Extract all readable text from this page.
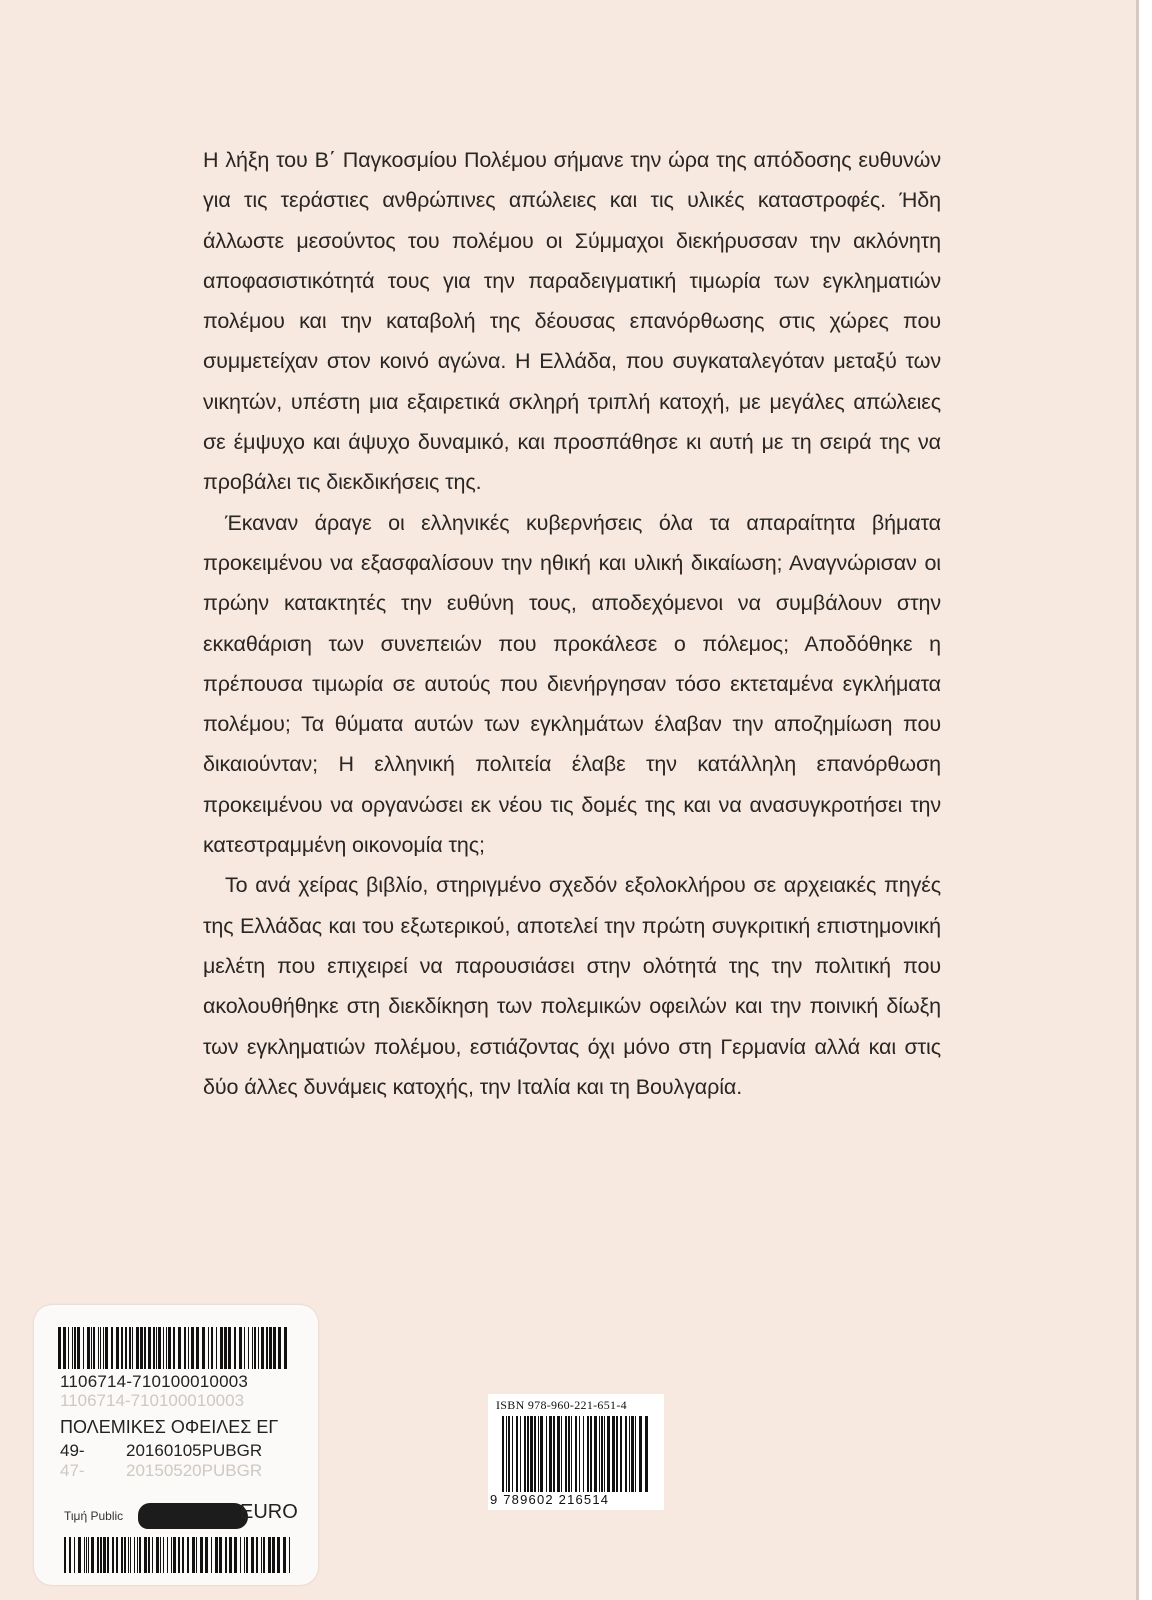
Η λήξη του Β΄ Παγκοσμίου Πολέμου σήμανε την ώρα της απόδοσης ευθυνών για τις τεράστιες ανθρώπινες απώλειες και τις υλικές καταστροφές. Ήδη άλλωστε μεσούντος του πολέμου οι Σύμμαχοι διεκήρυσσαν την ακλόνητη αποφασιστικότητά τους για την παραδειγματική τιμωρία των εγκληματιών πολέμου και την καταβολή της δέουσας επανόρθωσης στις χώρες που συμμετείχαν στον κοινό αγώνα. Η Ελλάδα, που συγκαταλεγόταν μεταξύ των νικητών, υπέστη μια εξαιρετικά σκληρή τριπλή κατοχή, με μεγάλες απώλειες σε έμψυχο και άψυχο δυναμικό, και προσπάθησε κι αυτή με τη σειρά της να προβάλει τις διεκδικήσεις της.

Έκαναν άραγε οι ελληνικές κυβερνήσεις όλα τα απαραίτητα βήματα προκειμένου να εξασφαλίσουν την ηθική και υλική δικαίωση; Αναγνώρισαν οι πρώην κατακτητές την ευθύνη τους, αποδεχόμενοι να συμβάλουν στην εκκαθάριση των συνεπειών που προκάλεσε ο πόλεμος; Αποδόθηκε η πρέπουσα τιμωρία σε αυτούς που διενήργησαν τόσο εκτεταμένα εγκλήματα πολέμου; Τα θύματα αυτών των εγκλημάτων έλαβαν την αποζημίωση που δικαιούνταν; Η ελληνική πολιτεία έλαβε την κατάλληλη επανόρθωση προκειμένου να οργανώσει εκ νέου τις δομές της και να ανασυγκροτήσει την κατεστραμμένη οικονομία της;

Το ανά χείρας βιβλίο, στηριγμένο σχεδόν εξολοκλήρου σε αρχειακές πηγές της Ελλάδας και του εξωτερικού, αποτελεί την πρώτη συγκριτική επιστημονική μελέτη που επιχειρεί να παρουσιάσει στην ολότητά της την πολιτική που ακολουθήθηκε στη διεκδίκηση των πολεμικών οφειλών και την ποινική δίωξη των εγκληματιών πολέμου, εστιάζοντας όχι μόνο στη Γερμανία αλλά και στις δύο άλλες δυνάμεις κατοχής, την Ιταλία και τη Βουλγαρία.

ISBN 978-960-221-651-4
9 789602 216514
1106714-710100010003
1106714-710100010003
ΠΟΛΕΜΙΚΕΣ ΟΦΕΙΛΕΣ ΕΓ
47- 20150520PUBGR
49- 20160105PUBGR
Τιμή Public	EURO
